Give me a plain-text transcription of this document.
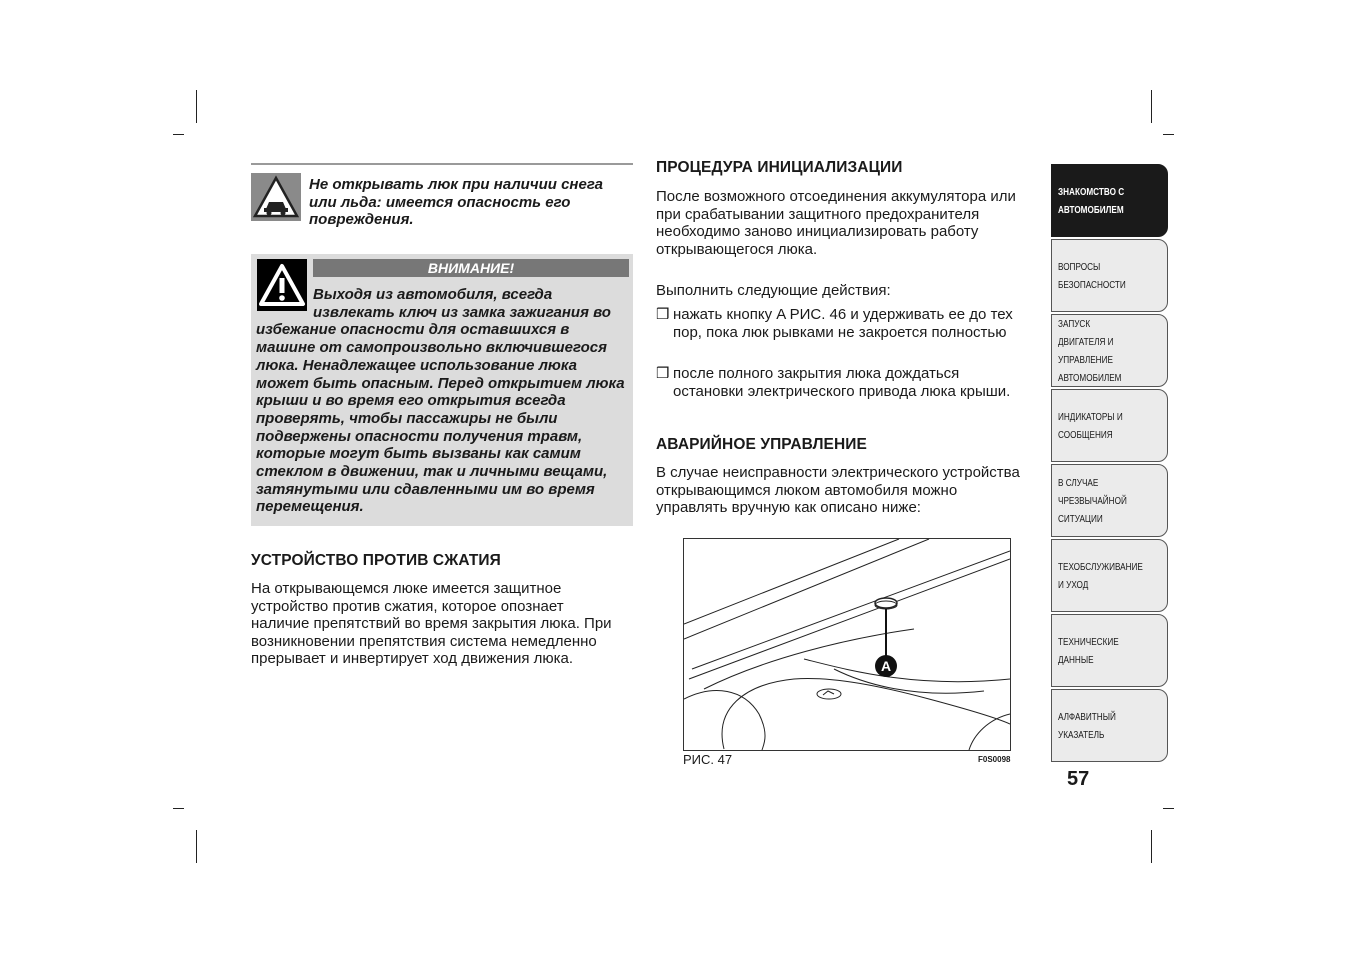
Не открывать люк при наличии снега или льда: имеется опасность его повреждения.
ВНИМАНИЕ!
Выходя из автомобиля, всегда извлекать ключ из замка зажигания во избежание опасности для оставшихся в машине от самопроизвольно включившегося люка. Ненадлежащее использование люка может быть опасным. Перед открытием люка крыши и во время его открытия всегда проверять, чтобы пассажиры не были подвержены опасности получения травм, которые могут быть вызваны как самим стеклом в движении, так и личными вещами, затянутыми или сдавленными им во время перемещения.
УСТРОЙСТВО ПРОТИВ СЖАТИЯ
На открывающемся люке имеется защитное устройство против сжатия, которое опознает наличие препятствий во время закрытия люка. При возникновении препятствия система немедленно прерывает и инвертирует ход движения люка.
ПРОЦЕДУРА ИНИЦИАЛИЗАЦИИ
После возможного отсоединения аккумулятора или при срабатывании защитного предохранителя необходимо заново инициализировать работу открывающегося люка.
Выполнить следующие действия:
❒ нажать кнопку A РИС. 46 и удерживать ее до тех пор, пока люк рывками не закроется полностью
❒ после полного закрытия люка дождаться остановки электрического привода люка крыши.
АВАРИЙНОЕ УПРАВЛЕНИЕ
В случае неисправности электрического устройства открывающимся люком автомобиля можно управлять вручную как описано ниже:
A
РИС. 47	F0S0098
ЗНАКОМСТВО С
АВТОМОБИЛЕМ
ВОПРОСЫ
БЕЗОПАСНОСТИ
ЗАПУСК ДВИГАТЕЛЯ И
УПРАВЛЕНИЕ
АВТОМОБИЛЕМ
ИНДИКАТОРЫ И
СООБЩЕНИЯ
В СЛУЧАЕ
ЧРЕЗВЫЧАЙНОЙ
СИТУАЦИИ
ТЕХОБСЛУЖИВАНИЕ
И УХОД
ТЕХНИЧЕСКИЕ
ДАННЫЕ
АЛФАВИТНЫЙ
УКАЗАТЕЛЬ
57
